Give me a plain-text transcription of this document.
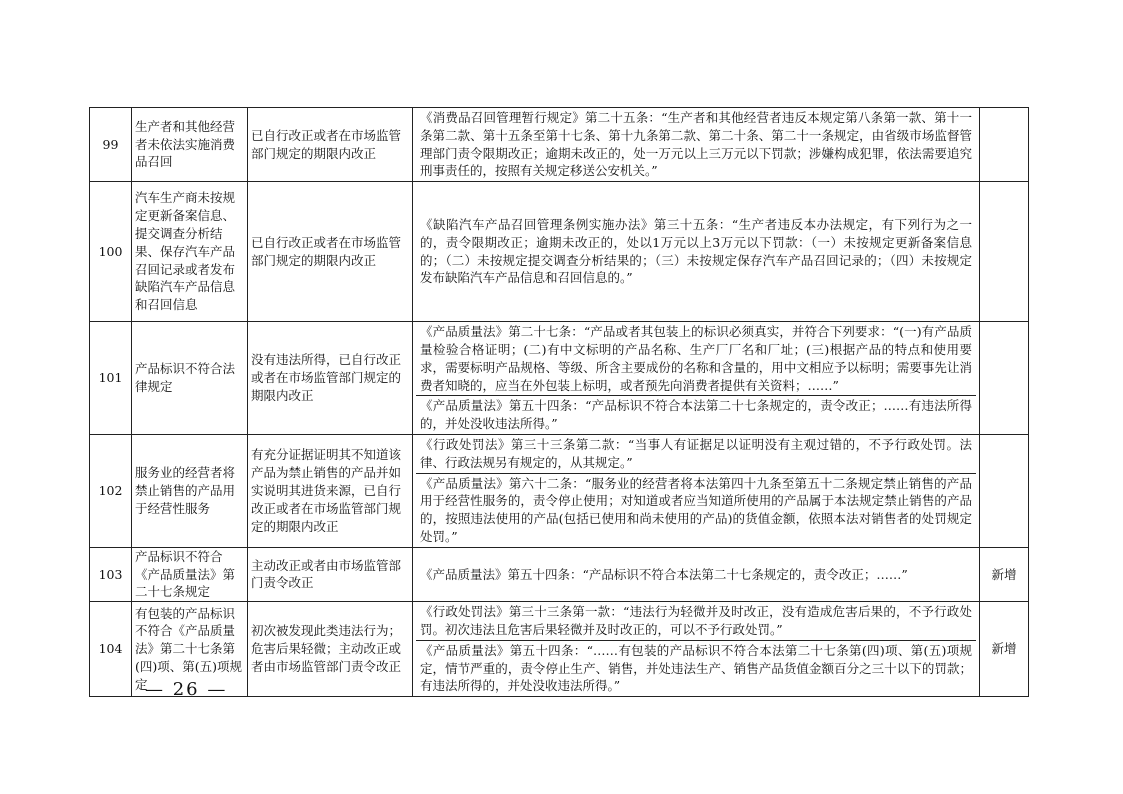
99	生产者和其他经营者未依法实施消费品召回	已自行改正或者在市场监管部门规定的期限内改正	《消费品召回管理暂行规定》第二十五条：“生产者和其他经营者违反本规定第八条第一款、第十一条第二款、第十五条至第十七条、第十九条第二款、第二十条、第二十一条规定，由省级市场监督管理部门责令限期改正；逾期未改正的，处一万元以上三万元以下罚款；涉嫌构成犯罪，依法需要追究刑事责任的，按照有关规定移送公安机关。”	

100	汽车生产商未按规定更新备案信息、提交调查分析结果、保存汽车产品召回记录或者发布缺陷汽车产品信息和召回信息	已自行改正或者在市场监管部门规定的期限内改正	《缺陷汽车产品召回管理条例实施办法》第三十五条：“生产者违反本办法规定，有下列行为之一的，责令限期改正；逾期未改正的，处以1万元以上3万元以下罚款：（一）未按规定更新备案信息的；（二）未按规定提交调查分析结果的；（三）未按规定保存汽车产品召回记录的；（四）未按规定发布缺陷汽车产品信息和召回信息的。”	

101	产品标识不符合法律规定	没有违法所得，已自行改正或者在市场监管部门规定的期限内改正	《产品质量法》第二十七条：“产品或者其包装上的标识必须真实，并符合下列要求：“(一)有产品质量检验合格证明；(二)有中文标明的产品名称、生产厂厂名和厂址；(三)根据产品的特点和使用要求，需要标明产品规格、等级、所含主要成份的名称和含量的，用中文相应予以标明；需要事先让消费者知晓的，应当在外包装上标明，或者预先向消费者提供有关资料；……”
《产品质量法》第五十四条：“产品标识不符合本法第二十七条规定的，责令改正；……有违法所得的，并处没收违法所得。”	

102	服务业的经营者将禁止销售的产品用于经营性服务	有充分证据证明其不知道该产品为禁止销售的产品并如实说明其进货来源，已自行改正或者在市场监管部门规定的期限内改正	《行政处罚法》第三十三条第二款：“当事人有证据足以证明没有主观过错的，不予行政处罚。法律、行政法规另有规定的，从其规定。”
《产品质量法》第六十二条：“服务业的经营者将本法第四十九条至第五十二条规定禁止销售的产品用于经营性服务的，责令停止使用；对知道或者应当知道所使用的产品属于本法规定禁止销售的产品的，按照违法使用的产品(包括已使用和尚未使用的产品)的货值金额，依照本法对销售者的处罚规定处罚。”	

103	产品标识不符合《产品质量法》第二十七条规定	主动改正或者由市场监管部门责令改正	《产品质量法》第五十四条：“产品标识不符合本法第二十七条规定的，责令改正；……”	新增
104	有包装的产品标识不符合《产品质量法》第二十七条第(四)项、第(五)项规定	初次被发现此类违法行为；危害后果轻微；主动改正或者由市场监管部门责令改正	《行政处罚法》第三十三条第一款：“违法行为轻微并及时改正，没有造成危害后果的，不予行政处罚。初次违法且危害后果轻微并及时改正的，可以不予行政处罚。”
《产品质量法》第五十四条：“……有包装的产品标识不符合本法第二十七条第(四)项、第(五)项规定，情节严重的，责令停止生产、销售，并处违法生产、销售产品货值金额百分之三十以下的罚款；有违法所得的，并处没收违法所得。”	新增
— 26 —
